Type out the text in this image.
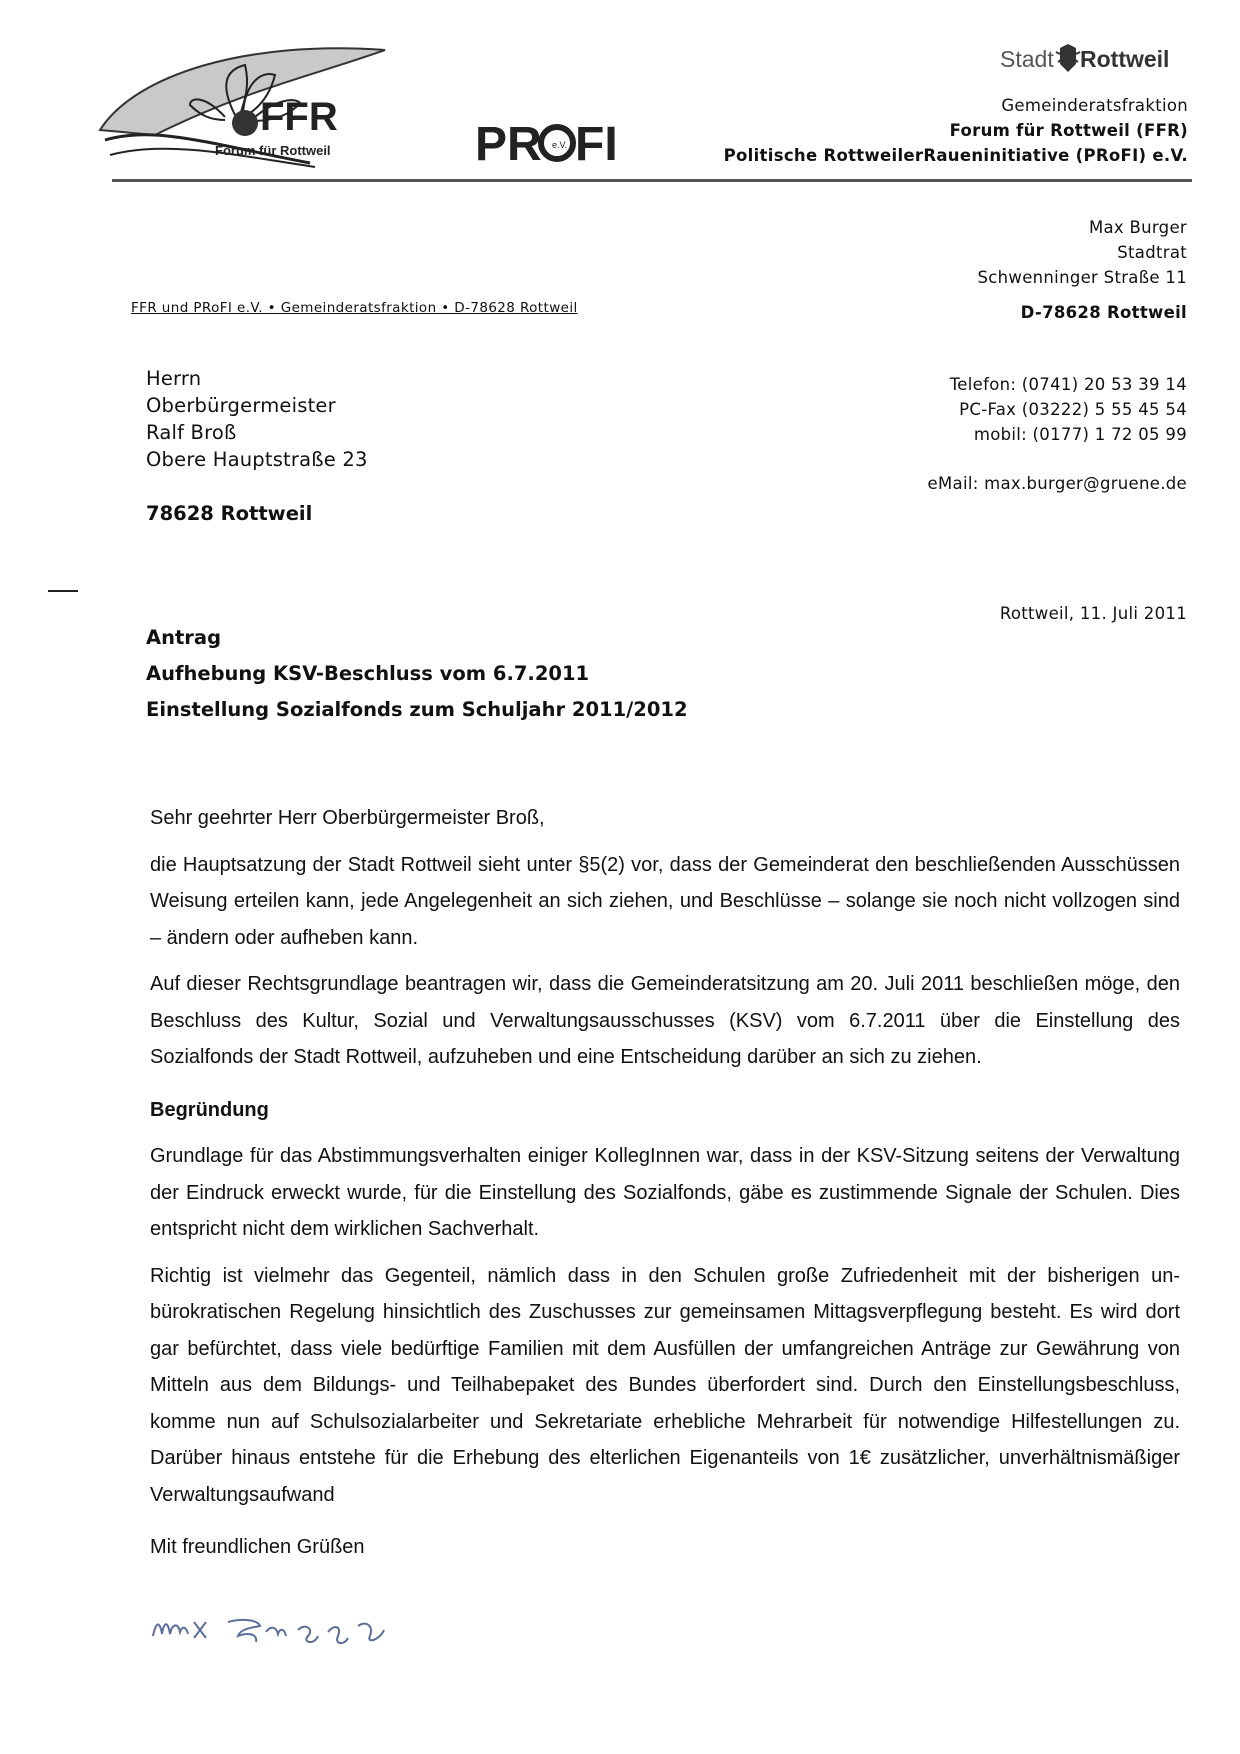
FFR
Forum für Rottweil	PR e.V. FI
Stadt Rottweil
Gemeinderatsfraktion
Forum für Rottweil (FFR)
Politische RottweilerRaueninitiative (PRoFI) e.V.
Max Burger
Stadtrat
Schwenninger Straße 11
D-78628 Rottweil
FFR und PRoFI e.V. • Gemeinderatsfraktion • D-78628 Rottweil
Herrn
Oberbürgermeister
Ralf Broß
Obere Hauptstraße 23
78628 Rottweil
Telefon: (0741) 20 53 39 14
PC-Fax (03222) 5 55 45 54
mobil: (0177) 1 72 05 99
eMail: max.burger@gruene.de
Rottweil, 11. Juli 2011
Antrag
Aufhebung KSV-Beschluss vom 6.7.2011
Einstellung Sozialfonds zum Schuljahr 2011/2012

Sehr geehrter Herr Oberbürgermeister Broß,

die Hauptsatzung der Stadt Rottweil sieht unter §5(2) vor, dass der Gemeinderat den beschließenden Ausschüssen Weisung erteilen kann, jede Angelegenheit an sich ziehen, und Beschlüsse – solange sie noch nicht vollzogen sind – ändern oder aufheben kann.

Auf dieser Rechtsgrundlage beantragen wir, dass die Gemeinderatsitzung am 20. Juli 2011 beschließen möge, den Beschluss des Kultur, Sozial und Verwaltungsausschusses (KSV) vom 6.7.2011 über die Einstellung des Sozialfonds der Stadt Rottweil, aufzuheben und eine Entscheidung darüber an sich zu ziehen.

Begründung

Grundlage für das Abstimmungsverhalten einiger KollegInnen war, dass in der KSV-Sitzung seitens der Verwaltung der Eindruck erweckt wurde, für die Einstellung des Sozialfonds, gäbe es zustimmende Signale der Schulen. Dies entspricht nicht dem wirklichen Sachverhalt.

Richtig ist vielmehr das Gegenteil, nämlich dass in den Schulen große Zufriedenheit mit der bisherigen unbürokratischen Regelung hinsichtlich des Zuschusses zur gemeinsamen Mittagsverpflegung besteht. Es wird dort gar befürchtet, dass viele bedürftige Familien mit dem Ausfüllen der umfangreichen Anträge zur Gewährung von Mitteln aus dem Bildungs- und Teilhabepaket des Bundes überfordert sind. Durch den Einstellungsbeschluss, komme nun auf Schulsozialarbeiter und Sekretariate erhebliche Mehrarbeit für notwendige Hilfestellungen zu. Darüber hinaus entstehe für die Erhebung des elterlichen Eigenanteils von 1€ zusätzlicher, unverhältnismäßiger Verwaltungsaufwand

Mit freundlichen Grüßen
